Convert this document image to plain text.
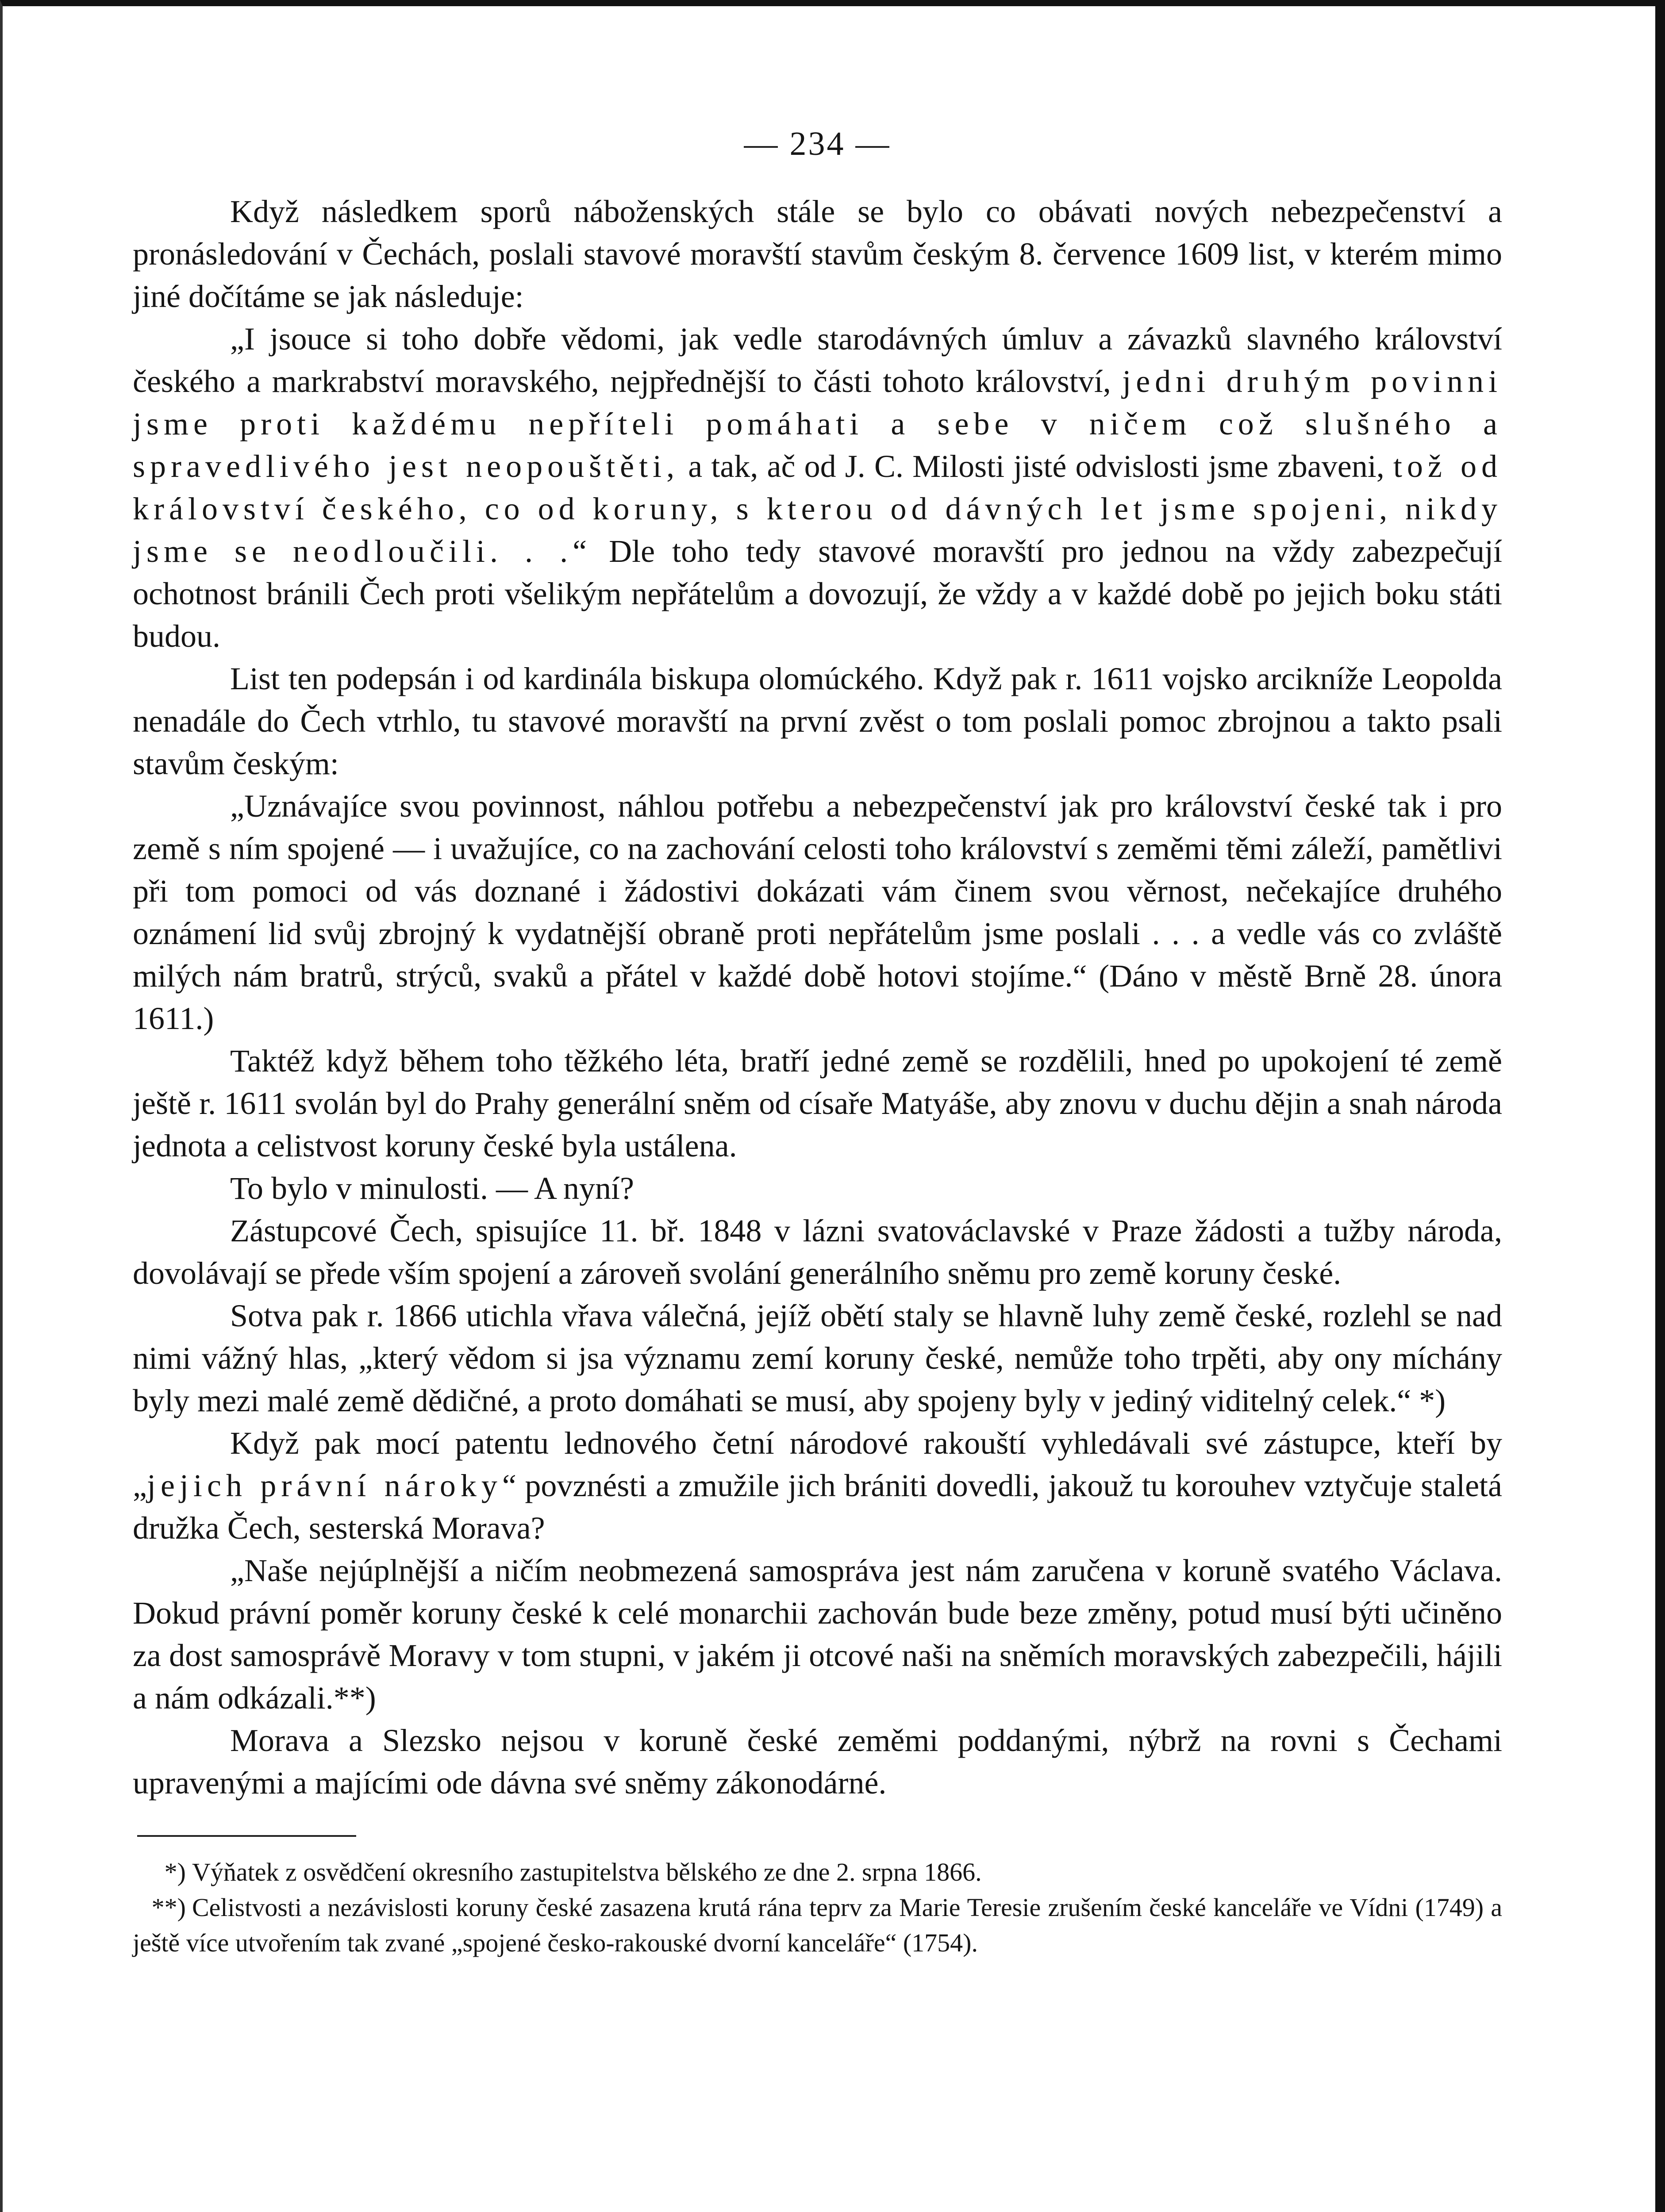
— 234 —

Když následkem sporů náboženských stále se bylo co obávati nových nebezpečenství a pronásledování v Čechách, poslali stavové moravští stavům českým 8. července 1609 list, v kterém mimo jiné dočítáme se jak následuje:

„I jsouce si toho dobře vědomi, jak vedle starodávných úmluv a závazků slavného království českého a markrabství moravského, nejpřednější to části tohoto království, jedni druhým povinni jsme proti každému nepříteli pomáhati a sebe v ničem což slušného a spravedlivého jest neopouštěti, a tak, ač od J. C. Milosti jisté odvislosti jsme zbaveni, tož od království českého, co od koruny, s kterou od dávných let jsme spojeni, nikdy jsme se neodloučili. . .“ Dle toho tedy stavové moravští pro jednou na vždy zabezpečují ochotnost bránili Čech proti všelikým nepřátelům a dovozují, že vždy a v každé době po jejich boku státi budou.

List ten podepsán i od kardinála biskupa olomúckého. Když pak r. 1611 vojsko arcikníže Leopolda nenadále do Čech vtrhlo, tu stavové moravští na první zvěst o tom poslali pomoc zbrojnou a takto psali stavům českým:

„Uznávajíce svou povinnost, náhlou potřebu a nebezpečenství jak pro království české tak i pro země s ním spojené — i uvažujíce, co na zachování celosti toho království s zeměmi těmi záleží, pamětlivi při tom pomoci od vás doznané i žádostivi dokázati vám činem svou věrnost, nečekajíce druhého oznámení lid svůj zbrojný k vydatnější obraně proti nepřátelům jsme poslali . . . a vedle vás co zvláště milých nám bratrů, strýců, svaků a přátel v každé době hotovi stojíme.“ (Dáno v městě Brně 28. února 1611.)

Taktéž když během toho těžkého léta, bratří jedné země se rozdělili, hned po upokojení té země ještě r. 1611 svolán byl do Prahy generální sněm od císaře Matyáše, aby znovu v duchu dějin a snah národa jednota a celistvost koruny české byla ustálena.

To bylo v minulosti. — A nyní?

Zástupcové Čech, spisujíce 11. bř. 1848 v lázni svatováclavské v Praze žádosti a tužby národa, dovolávají se předе vším spojení a zároveň svolání generálního sněmu pro země koruny české.

Sotva pak r. 1866 utichla vřava válečná, jejíž obětí staly se hlavně luhy země české, rozlehl se nad nimi vážný hlas, „který vědom si jsa významu zemí koruny české, nemůže toho trpěti, aby ony míchány byly mezi malé země dědičné, a proto domáhati se musí, aby spojeny byly v jediný viditelný celek.“ *)

Když pak mocí patentu lednového četní národové rakouští vyhledávali své zástupce, kteří by „jejich právní nároky“ povznésti a zmužile jich brániti dovedli, jakouž tu korouhev vztyčuje staletá družka Čech, sesterská Morava?

„Naše nejúplnější a ničím neobmezená samospráva jest nám zaručena v koruně svatého Václava. Dokud právní poměr koruny české k celé monarchii zachován bude beze změny, potud musí býti učiněno za dost samosprávě Moravy v tom stupni, v jakém ji otcové naši na sněmích moravských zabezpečili, hájili a nám odkázali.**)

Morava a Slezsko nejsou v koruně české zeměmi poddanými, nýbrž na rovni s Čechami upravenými a majícími ode dávna své sněmy zákonodárné.

*) Výňatek z osvědčení okresního zastupitelstva bělského ze dne 2. srpna 1866.
**) Celistvosti a nezávislosti koruny české zasazena krutá rána teprv za Marie Teresie zrušením české kanceláře ve Vídni (1749) a ještě více utvořením tak zvané „spojené česko-rakouské dvorní kanceláře“ (1754).
